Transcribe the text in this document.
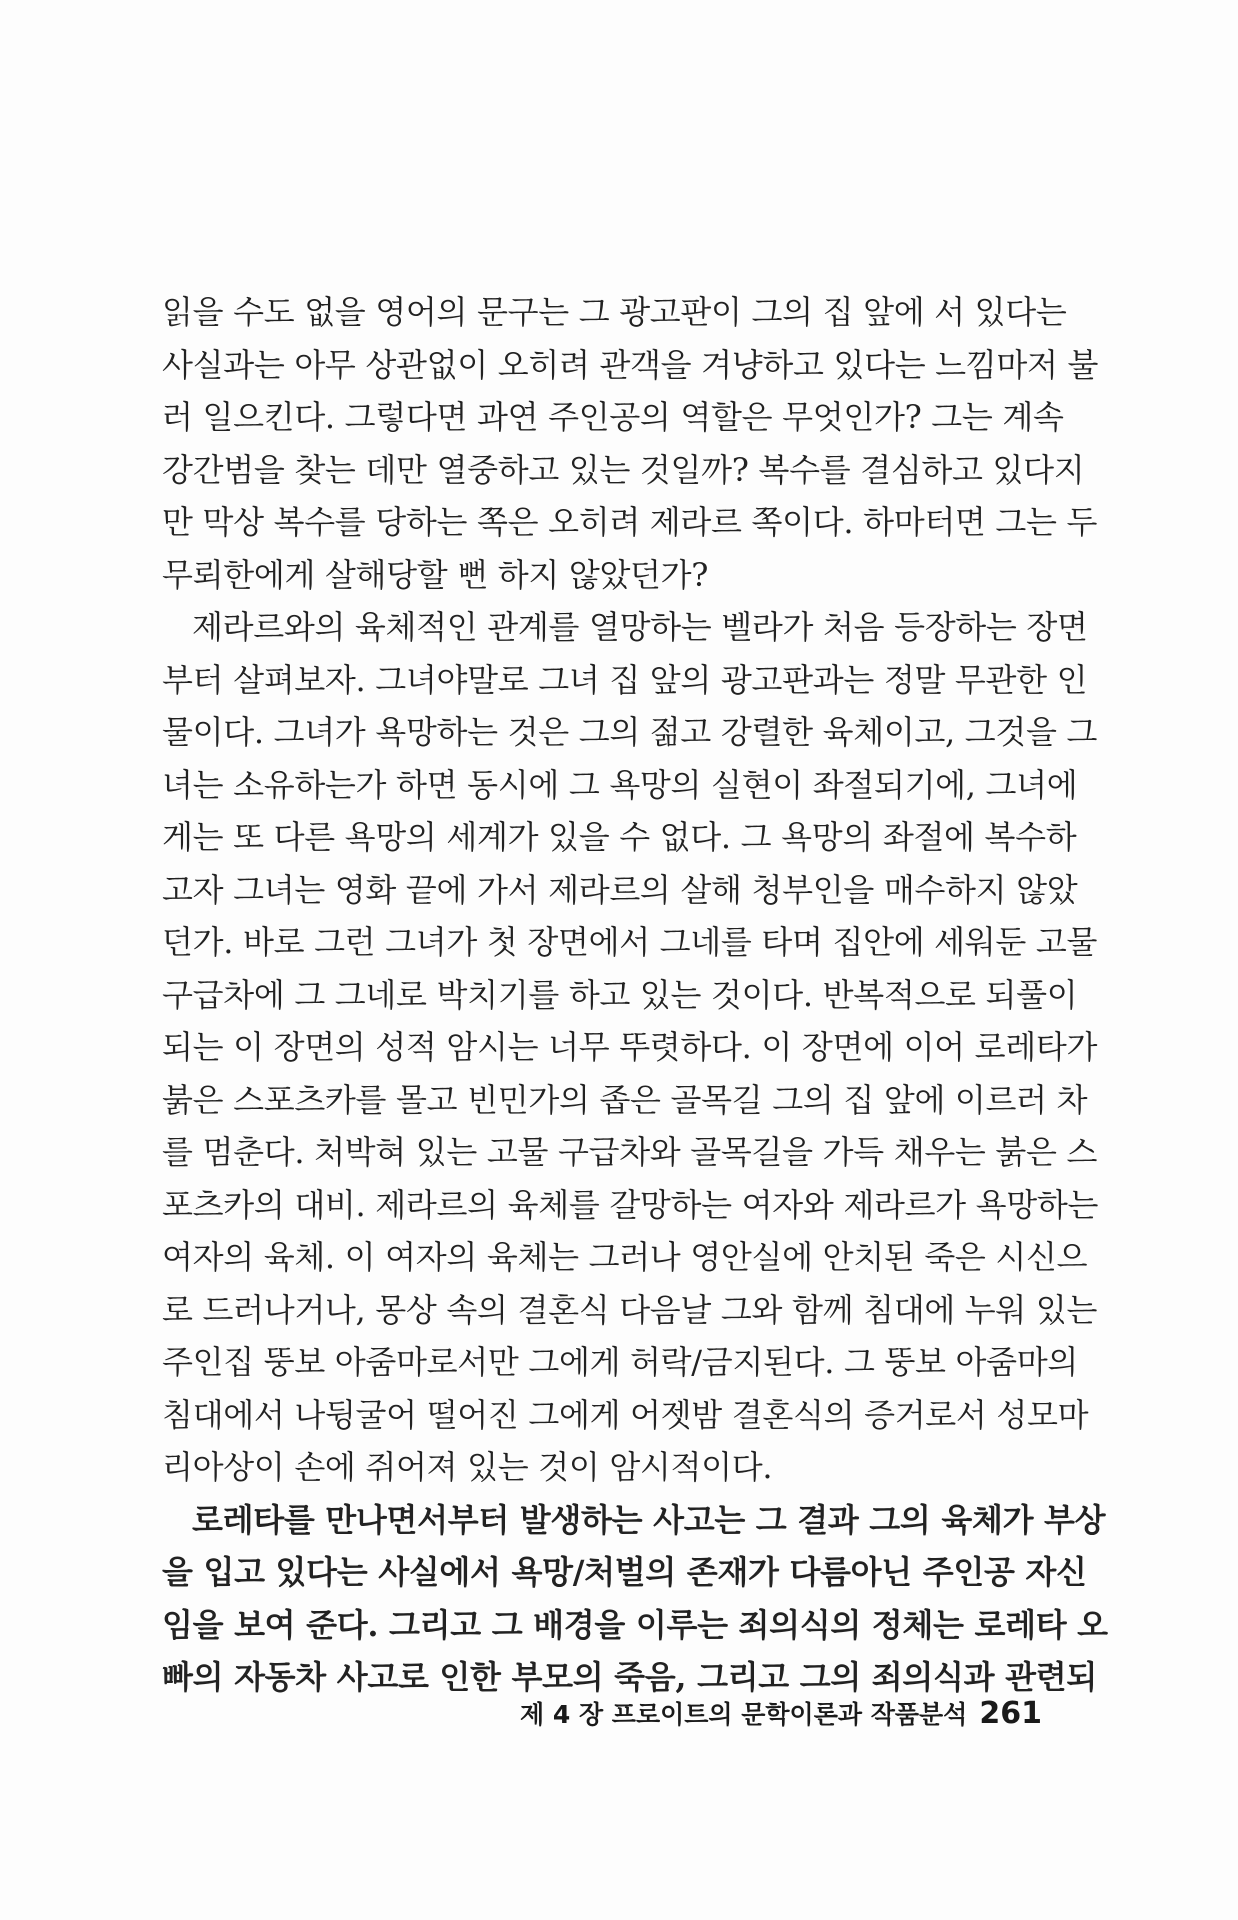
읽을 수도 없을 영어의 문구는 그 광고판이 그의 집 앞에 서 있다는
사실과는 아무 상관없이 오히려 관객을 겨냥하고 있다는 느낌마저 불
러 일으킨다. 그렇다면 과연 주인공의 역할은 무엇인가? 그는 계속
강간범을 찾는 데만 열중하고 있는 것일까? 복수를 결심하고 있다지
만 막상 복수를 당하는 쪽은 오히려 제라르 쪽이다. 하마터면 그는 두
무뢰한에게 살해당할 뻔 하지 않았던가?
제라르와의 육체적인 관계를 열망하는 벨라가 처음 등장하는 장면
부터 살펴보자. 그녀야말로 그녀 집 앞의 광고판과는 정말 무관한 인
물이다. 그녀가 욕망하는 것은 그의 젊고 강렬한 육체이고, 그것을 그
녀는 소유하는가 하면 동시에 그 욕망의 실현이 좌절되기에, 그녀에
게는 또 다른 욕망의 세계가 있을 수 없다. 그 욕망의 좌절에 복수하
고자 그녀는 영화 끝에 가서 제라르의 살해 청부인을 매수하지 않았
던가. 바로 그런 그녀가 첫 장면에서 그네를 타며 집안에 세워둔 고물
구급차에 그 그네로 박치기를 하고 있는 것이다. 반복적으로 되풀이
되는 이 장면의 성적 암시는 너무 뚜렷하다. 이 장면에 이어 로레타가
붉은 스포츠카를 몰고 빈민가의 좁은 골목길 그의 집 앞에 이르러 차
를 멈춘다. 처박혀 있는 고물 구급차와 골목길을 가득 채우는 붉은 스
포츠카의 대비. 제라르의 육체를 갈망하는 여자와 제라르가 욕망하는
여자의 육체. 이 여자의 육체는 그러나 영안실에 안치된 죽은 시신으
로 드러나거나, 몽상 속의 결혼식 다음날 그와 함께 침대에 누워 있는
주인집 뚱보 아줌마로서만 그에게 허락/금지된다. 그 뚱보 아줌마의
침대에서 나뒹굴어 떨어진 그에게 어젯밤 결혼식의 증거로서 성모마
리아상이 손에 쥐어져 있는 것이 암시적이다.
로레타를 만나면서부터 발생하는 사고는 그 결과 그의 육체가 부상
을 입고 있다는 사실에서 욕망/처벌의 존재가 다름아닌 주인공 자신
임을 보여 준다. 그리고 그 배경을 이루는 죄의식의 정체는 로레타 오
빠의 자동차 사고로 인한 부모의 죽음, 그리고 그의 죄의식과 관련되
제 4 장 프로이트의 문학이론과 작품분석 261
